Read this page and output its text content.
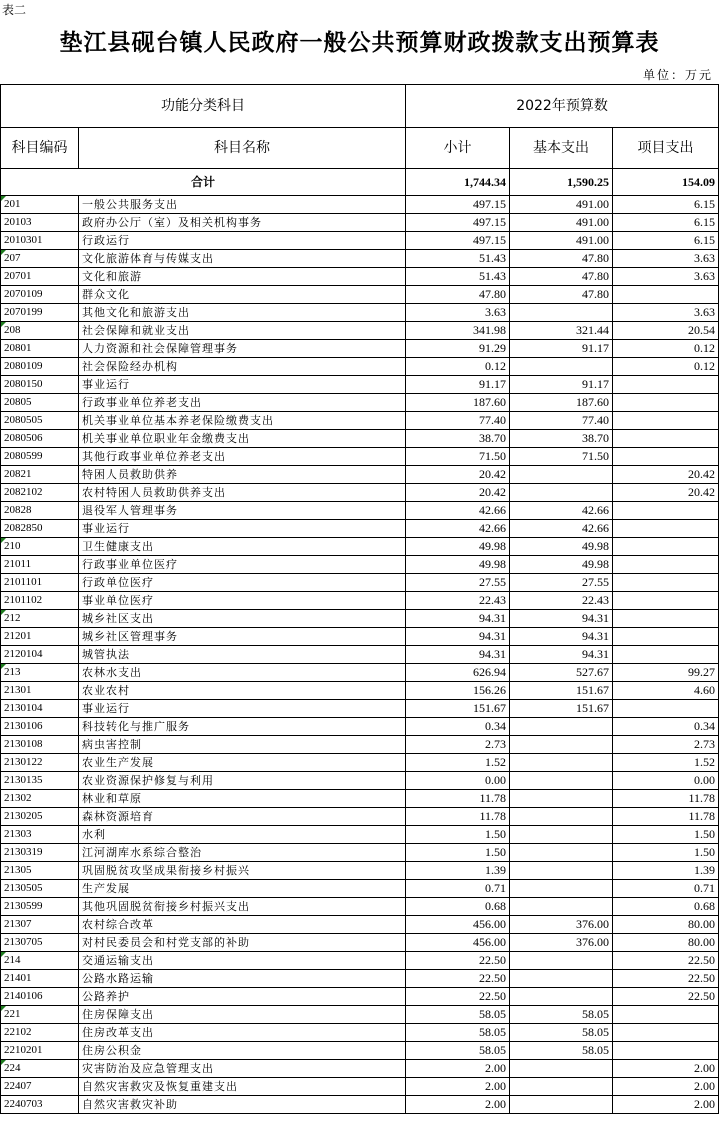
表二
垫江县砚台镇人民政府一般公共预算财政拨款支出预算表
单位：万元
功能分类科目		2022年预算数		
科目编码	科目名称	小计	基本支出	项目支出
合计		1,744.34	1,590.25	154.09
201	一般公共服务支出	497.15	491.00	6.15
20103	政府办公厅（室）及相关机构事务	497.15	491.00	6.15
2010301	行政运行	497.15	491.00	6.15
207	文化旅游体育与传媒支出	51.43	47.80	3.63
20701	文化和旅游	51.43	47.80	3.63
2070109	群众文化	47.80	47.80	
2070199	其他文化和旅游支出	3.63		3.63
208	社会保障和就业支出	341.98	321.44	20.54
20801	人力资源和社会保障管理事务	91.29	91.17	0.12
2080109	社会保险经办机构	0.12		0.12
2080150	事业运行	91.17	91.17	
20805	行政事业单位养老支出	187.60	187.60	
2080505	机关事业单位基本养老保险缴费支出	77.40	77.40	
2080506	机关事业单位职业年金缴费支出	38.70	38.70	
2080599	其他行政事业单位养老支出	71.50	71.50	
20821	特困人员救助供养	20.42		20.42
2082102	农村特困人员救助供养支出	20.42		20.42
20828	退役军人管理事务	42.66	42.66	
2082850	事业运行	42.66	42.66	
210	卫生健康支出	49.98	49.98	
21011	行政事业单位医疗	49.98	49.98	
2101101	行政单位医疗	27.55	27.55	
2101102	事业单位医疗	22.43	22.43	
212	城乡社区支出	94.31	94.31	
21201	城乡社区管理事务	94.31	94.31	
2120104	城管执法	94.31	94.31	
213	农林水支出	626.94	527.67	99.27
21301	农业农村	156.26	151.67	4.60
2130104	事业运行	151.67	151.67	
2130106	科技转化与推广服务	0.34		0.34
2130108	病虫害控制	2.73		2.73
2130122	农业生产发展	1.52		1.52
2130135	农业资源保护修复与利用	0.00		0.00
21302	林业和草原	11.78		11.78
2130205	森林资源培育	11.78		11.78
21303	水利	1.50		1.50
2130319	江河湖库水系综合整治	1.50		1.50
21305	巩固脱贫攻坚成果衔接乡村振兴	1.39		1.39
2130505	生产发展	0.71		0.71
2130599	其他巩固脱贫衔接乡村振兴支出	0.68		0.68
21307	农村综合改革	456.00	376.00	80.00
2130705	对村民委员会和村党支部的补助	456.00	376.00	80.00
214	交通运输支出	22.50		22.50
21401	公路水路运输	22.50		22.50
2140106	公路养护	22.50		22.50
221	住房保障支出	58.05	58.05	
22102	住房改革支出	58.05	58.05	
2210201	住房公积金	58.05	58.05	
224	灾害防治及应急管理支出	2.00		2.00
22407	自然灾害救灾及恢复重建支出	2.00		2.00
2240703	自然灾害救灾补助	2.00		2.00
